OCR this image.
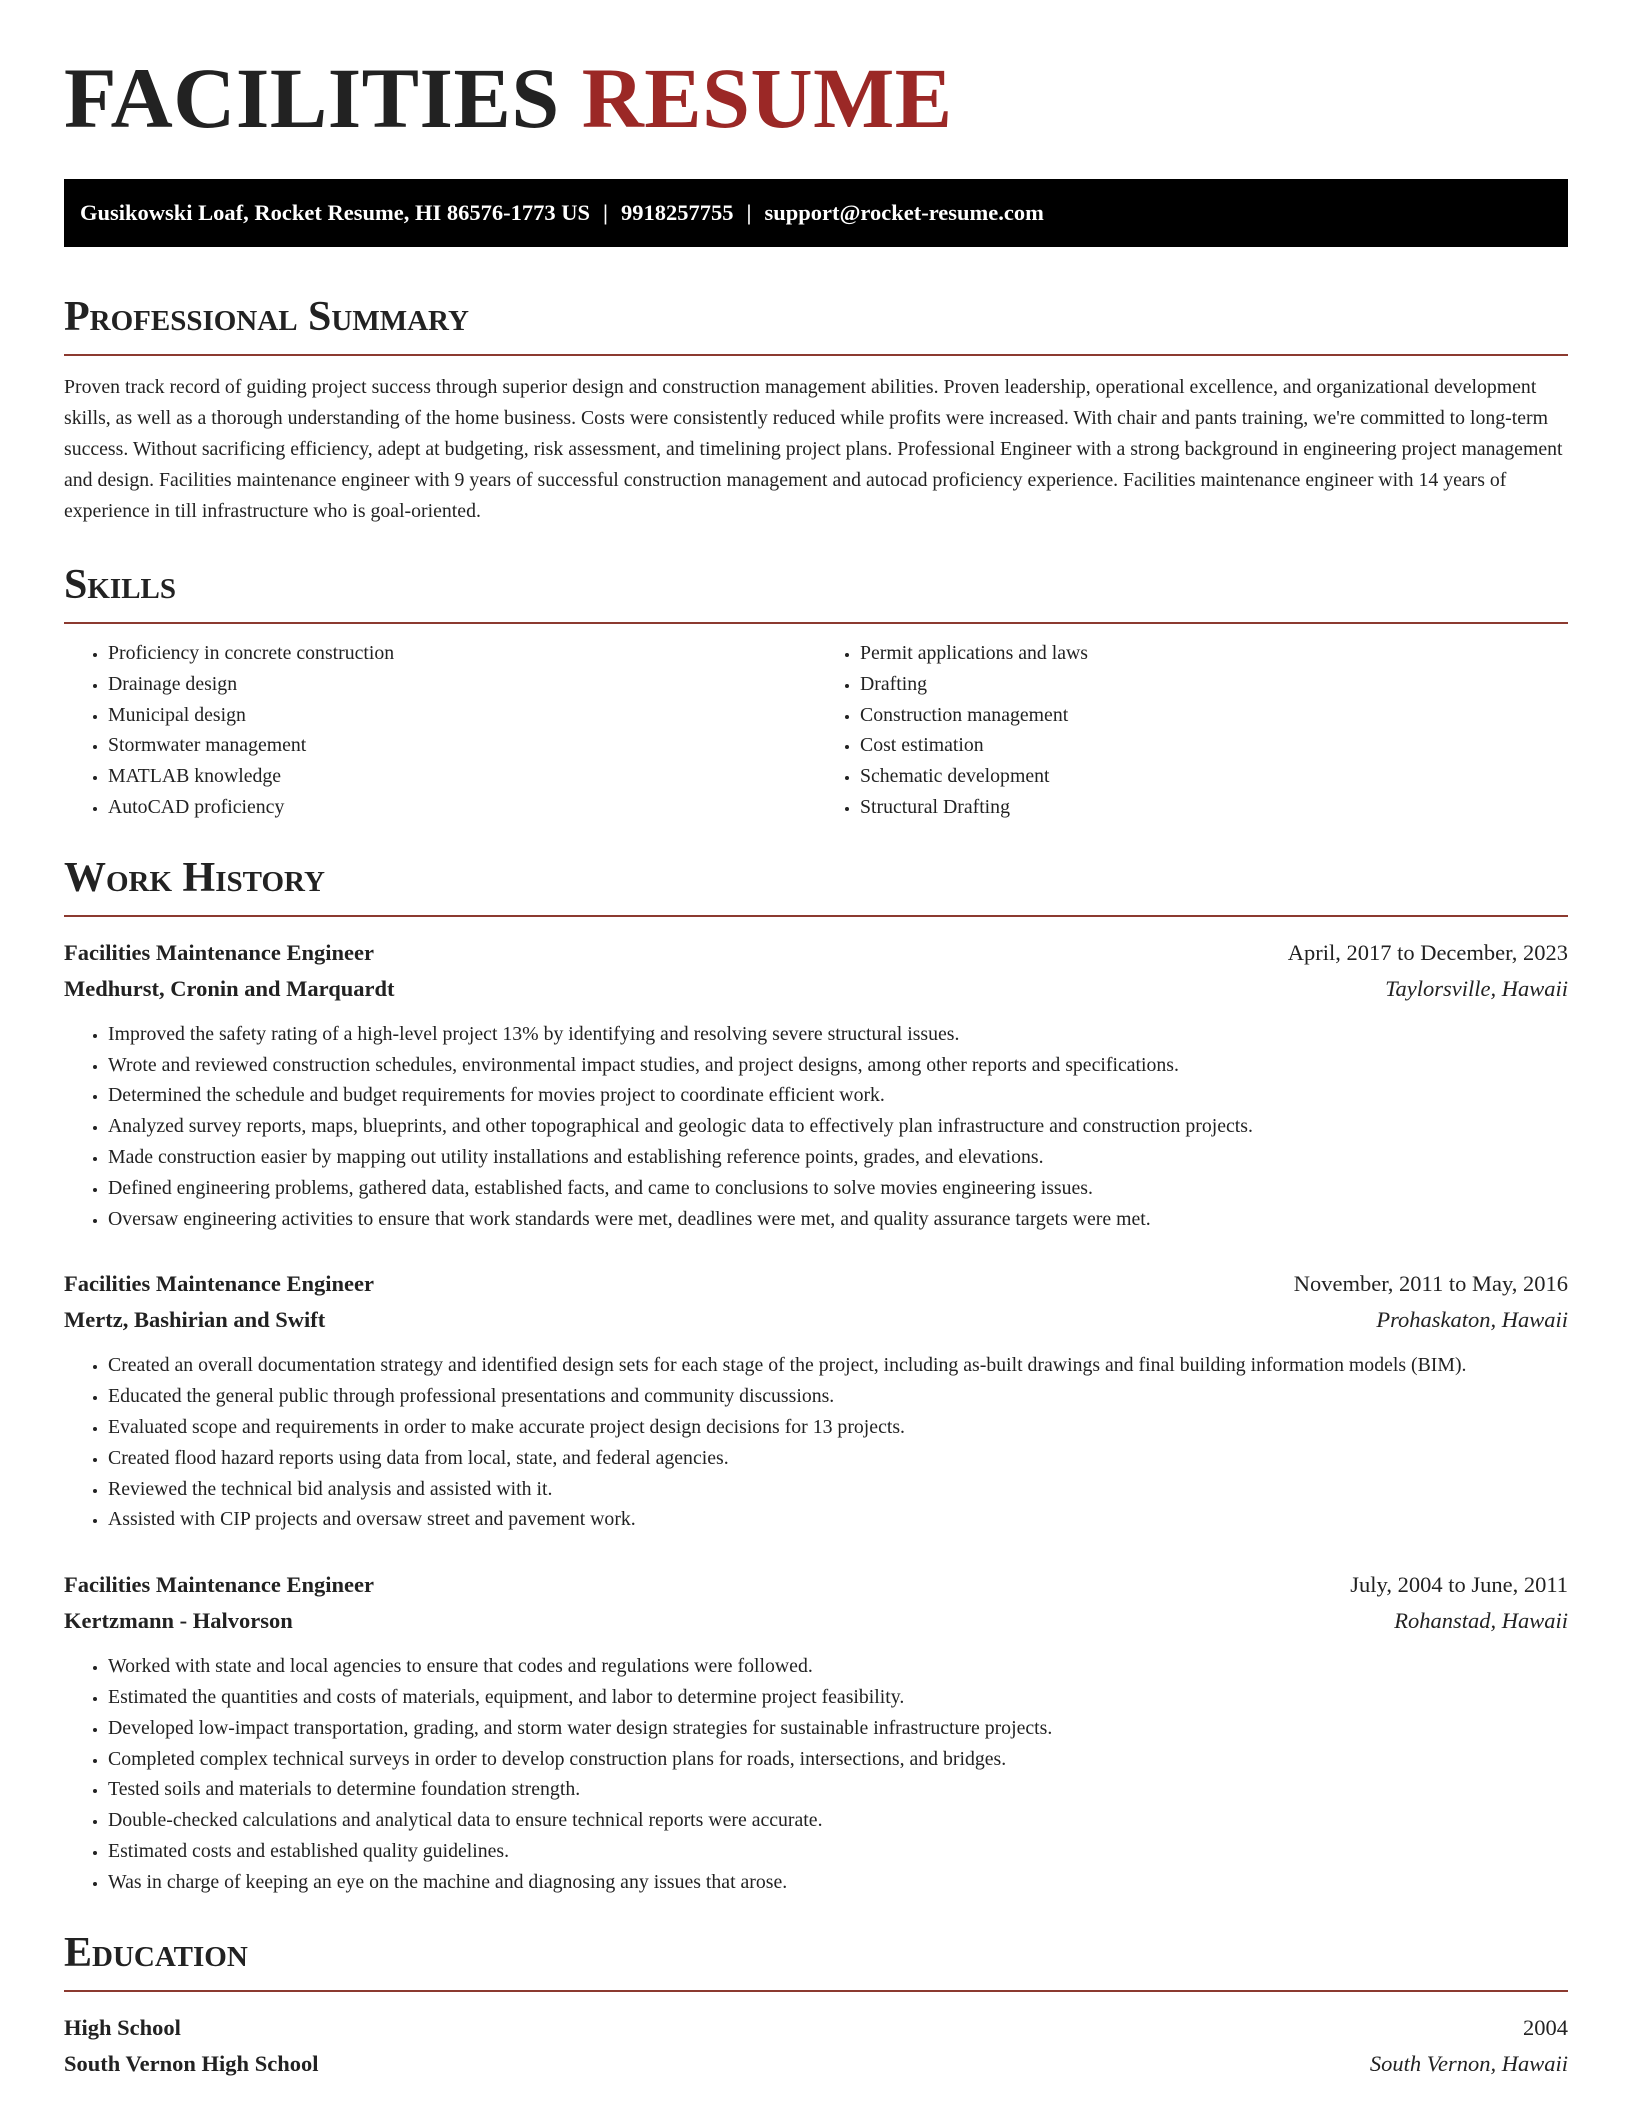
FACILITIES RESUME
Gusikowski Loaf, Rocket Resume, HI 86576-1773 US | 9918257755 | support@rocket-resume.com
Professional Summary

Proven track record of guiding project success through superior design and construction management abilities. Proven leadership, operational excellence, and organizational development skills, as well as a thorough understanding of the home business. Costs were consistently reduced while profits were increased. With chair and pants training, we're committed to long-term success. Without sacrificing efficiency, adept at budgeting, risk assessment, and timelining project plans. Professional Engineer with a strong background in engineering project management and design. Facilities maintenance engineer with 9 years of successful construction management and autocad proficiency experience. Facilities maintenance engineer with 14 years of experience in till infrastructure who is goal-oriented.

Skills
• Proficiency in concrete construction
• Drainage design
• Municipal design
• Stormwater management
• MATLAB knowledge
• AutoCAD proficiency
• Permit applications and laws
• Drafting
• Construction management
• Cost estimation
• Schematic development
• Structural Drafting
Work History
Facilities Maintenance Engineer	April, 2017 to December, 2023
Medhurst, Cronin and Marquardt	Taylorsville, Hawaii
• Improved the safety rating of a high-level project 13% by identifying and resolving severe structural issues.
• Wrote and reviewed construction schedules, environmental impact studies, and project designs, among other reports and specifications.
• Determined the schedule and budget requirements for movies project to coordinate efficient work.
• Analyzed survey reports, maps, blueprints, and other topographical and geologic data to effectively plan infrastructure and construction projects.
• Made construction easier by mapping out utility installations and establishing reference points, grades, and elevations.
• Defined engineering problems, gathered data, established facts, and came to conclusions to solve movies engineering issues.
• Oversaw engineering activities to ensure that work standards were met, deadlines were met, and quality assurance targets were met.
Facilities Maintenance Engineer	November, 2011 to May, 2016
Mertz, Bashirian and Swift	Prohaskaton, Hawaii
• Created an overall documentation strategy and identified design sets for each stage of the project, including as-built drawings and final building information models (BIM).
• Educated the general public through professional presentations and community discussions.
• Evaluated scope and requirements in order to make accurate project design decisions for 13 projects.
• Created flood hazard reports using data from local, state, and federal agencies.
• Reviewed the technical bid analysis and assisted with it.
• Assisted with CIP projects and oversaw street and pavement work.
Facilities Maintenance Engineer	July, 2004 to June, 2011
Kertzmann - Halvorson	Rohanstad, Hawaii
• Worked with state and local agencies to ensure that codes and regulations were followed.
• Estimated the quantities and costs of materials, equipment, and labor to determine project feasibility.
• Developed low-impact transportation, grading, and storm water design strategies for sustainable infrastructure projects.
• Completed complex technical surveys in order to develop construction plans for roads, intersections, and bridges.
• Tested soils and materials to determine foundation strength.
• Double-checked calculations and analytical data to ensure technical reports were accurate.
• Estimated costs and established quality guidelines.
• Was in charge of keeping an eye on the machine and diagnosing any issues that arose.
Education
High School	2004
South Vernon High School	South Vernon, Hawaii
